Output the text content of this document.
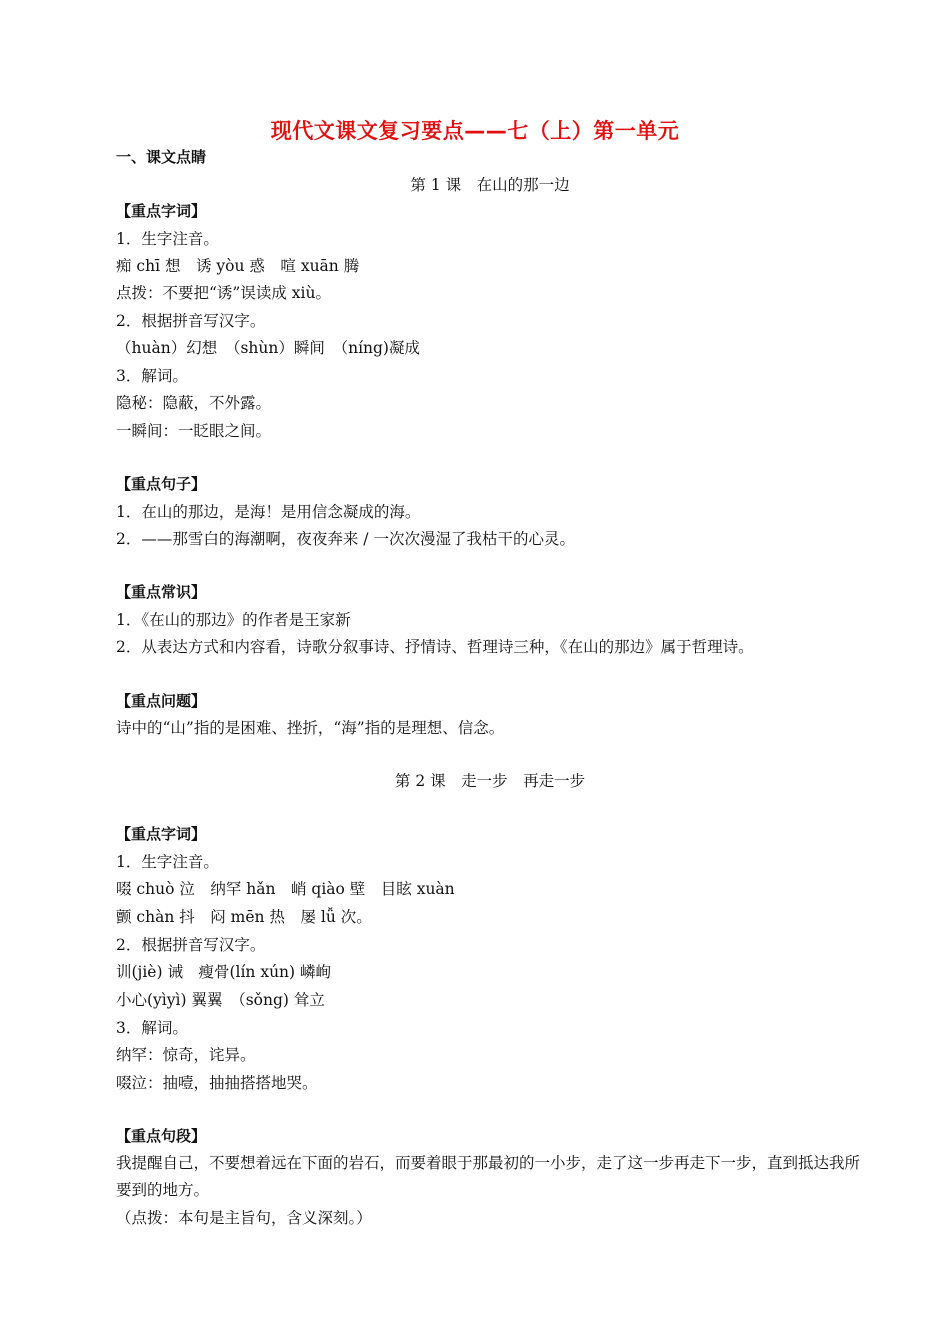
现代文课文复习要点——七（上）第一单元
一、课文点睛
第 1 课　在山的那一边
【重点字词】
1．生字注音。
痴 chī 想　诱 yòu 惑　喧 xuān 腾
点拨：不要把“诱”误读成 xiù。
2．根据拼音写汉字。
（huàn）幻想　（shùn）瞬间　（níng)凝成
3．解词。
隐秘：隐蔽，不外露。
一瞬间：一眨眼之间。
【重点句子】
1．在山的那边，是海！是用信念凝成的海。
2．——那雪白的海潮啊，夜夜奔来 / 一次次漫湿了我枯干的心灵。
【重点常识】
1．《在山的那边》的作者是王家新
2．从表达方式和内容看，诗歌分叙事诗、抒情诗、哲理诗三种，《在山的那边》属于哲理诗。
【重点问题】
诗中的“山”指的是困难、挫折，“海”指的是理想、信念。
第 2 课　走一步　再走一步
【重点字词】
1．生字注音。
啜 chuò 泣　纳罕 hǎn　峭 qiào 壁　目眩 xuàn
颤 chàn 抖　闷 mēn 热　屡 lǚ 次。
2．根据拼音写汉字。
训(jiè) 诫　瘦骨(lín xún) 嶙峋
小心(yìyì) 翼翼　（sǒng) 耸立
3．解词。
纳罕：惊奇，诧异。
啜泣：抽噎，抽抽搭搭地哭。
【重点句段】
我提醒自己，不要想着远在下面的岩石，而要着眼于那最初的一小步，走了这一步再走下一步，直到抵达我所要到的地方。
（点拨：本句是主旨句，含义深刻。）
